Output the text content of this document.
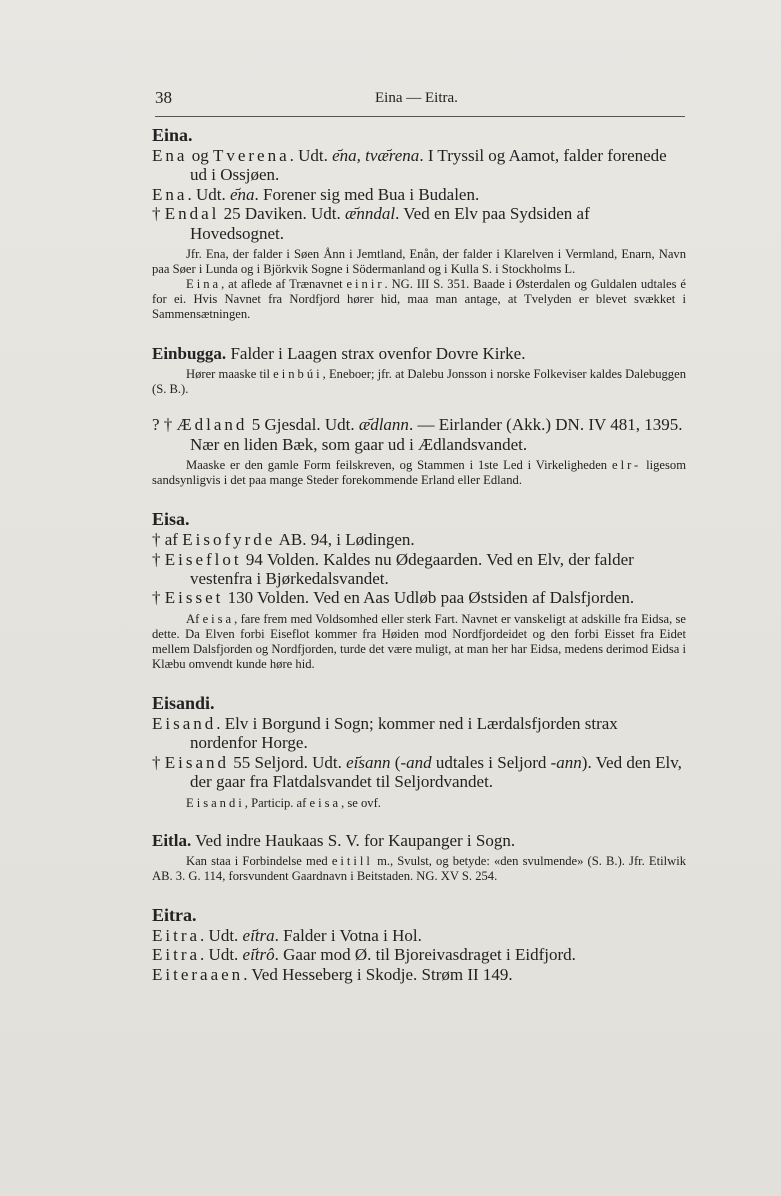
38	Eina — Eitra.
Eina.
Ena og Tverena. Udt. e᷄na, tvæ᷄rena. I Tryssil og Aamot, falder forenede ud i Ossjøen.
Ena. Udt. e᷄na. Forener sig med Bua i Budalen.
† Endal 25 Daviken. Udt. æ᷄nndal. Ved en Elv paa Sydsiden af Hovedsognet.
Jfr. Ena, der falder i Søen Ånn i Jemtland, Enån, der falder i Klarelven i Vermland, Enarn, Navn paa Søer i Lunda og i Björkvik Sogne i Södermanland og i Kulla S. i Stockholms L.
Eina, at aflede af Trænavnet einir. NG. III S. 351. Baade i Østerdalen og Guldalen udtales é for ei. Hvis Navnet fra Nordfjord hører hid, maa man antage, at Tvelyden er blevet svækket i Sammensætningen.
Einbugga. Falder i Laagen strax ovenfor Dovre Kirke.
Hører maaske til einbúi, Eneboer; jfr. at Dalebu Jonsson i norske Folkeviser kaldes Dalebuggen (S. B.).
? † Ædland 5 Gjesdal. Udt. æ᷄dlann. — Eirlander (Akk.) DN. IV 481, 1395. Nær en liden Bæk, som gaar ud i Ædlandsvandet.
Maaske er den gamle Form feilskreven, og Stammen i 1ste Led i Virkeligheden elr- ligesom sandsynligvis i det paa mange Steder forekommende Erland eller Edland.
Eisa.
† af Eisofyrde AB. 94, i Lødingen.
† Eiseflot 94 Volden. Kaldes nu Ødegaarden. Ved en Elv, der falder vestenfra i Bjørkedalsvandet.
† Eisset 130 Volden. Ved en Aas Udløb paa Østsiden af Dalsfjorden.
Af eisa, fare frem med Voldsomhed eller sterk Fart. Navnet er vanskeligt at adskille fra Eidsa, se dette. Da Elven forbi Eiseflot kommer fra Høiden mod Nordfjordeidet og den forbi Eisset fra Eidet mellem Dalsfjorden og Nordfjorden, turde det være muligt, at man her har Eidsa, medens derimod Eidsa i Klæbu omvendt kunde høre hid.
Eisandi.
Eisand. Elv i Borgund i Sogn; kommer ned i Lærdalsfjorden strax nordenfor Horge.
† Eisand 55 Seljord. Udt. ei᷄sann (-and udtales i Seljord -ann). Ved den Elv, der gaar fra Flatdalsvandet til Seljordvandet.
Eisandi, Particip. af eisa, se ovf.
Eitla. Ved indre Haukaas S. V. for Kaupanger i Sogn.
Kan staa i Forbindelse med eitill m., Svulst, og betyde: «den svulmende» (S. B.). Jfr. Etilwik AB. 3. G. 114, forsvundent Gaardnavn i Beitstaden. NG. XV S. 254.
Eitra.
Eitra. Udt. ei᷄tra. Falder i Votna i Hol.
Eitra. Udt. ei᷄trô. Gaar mod Ø. til Bjoreivasdraget i Eidfjord.
Eiteraaen. Ved Hesseberg i Skodje. Strøm II 149.
